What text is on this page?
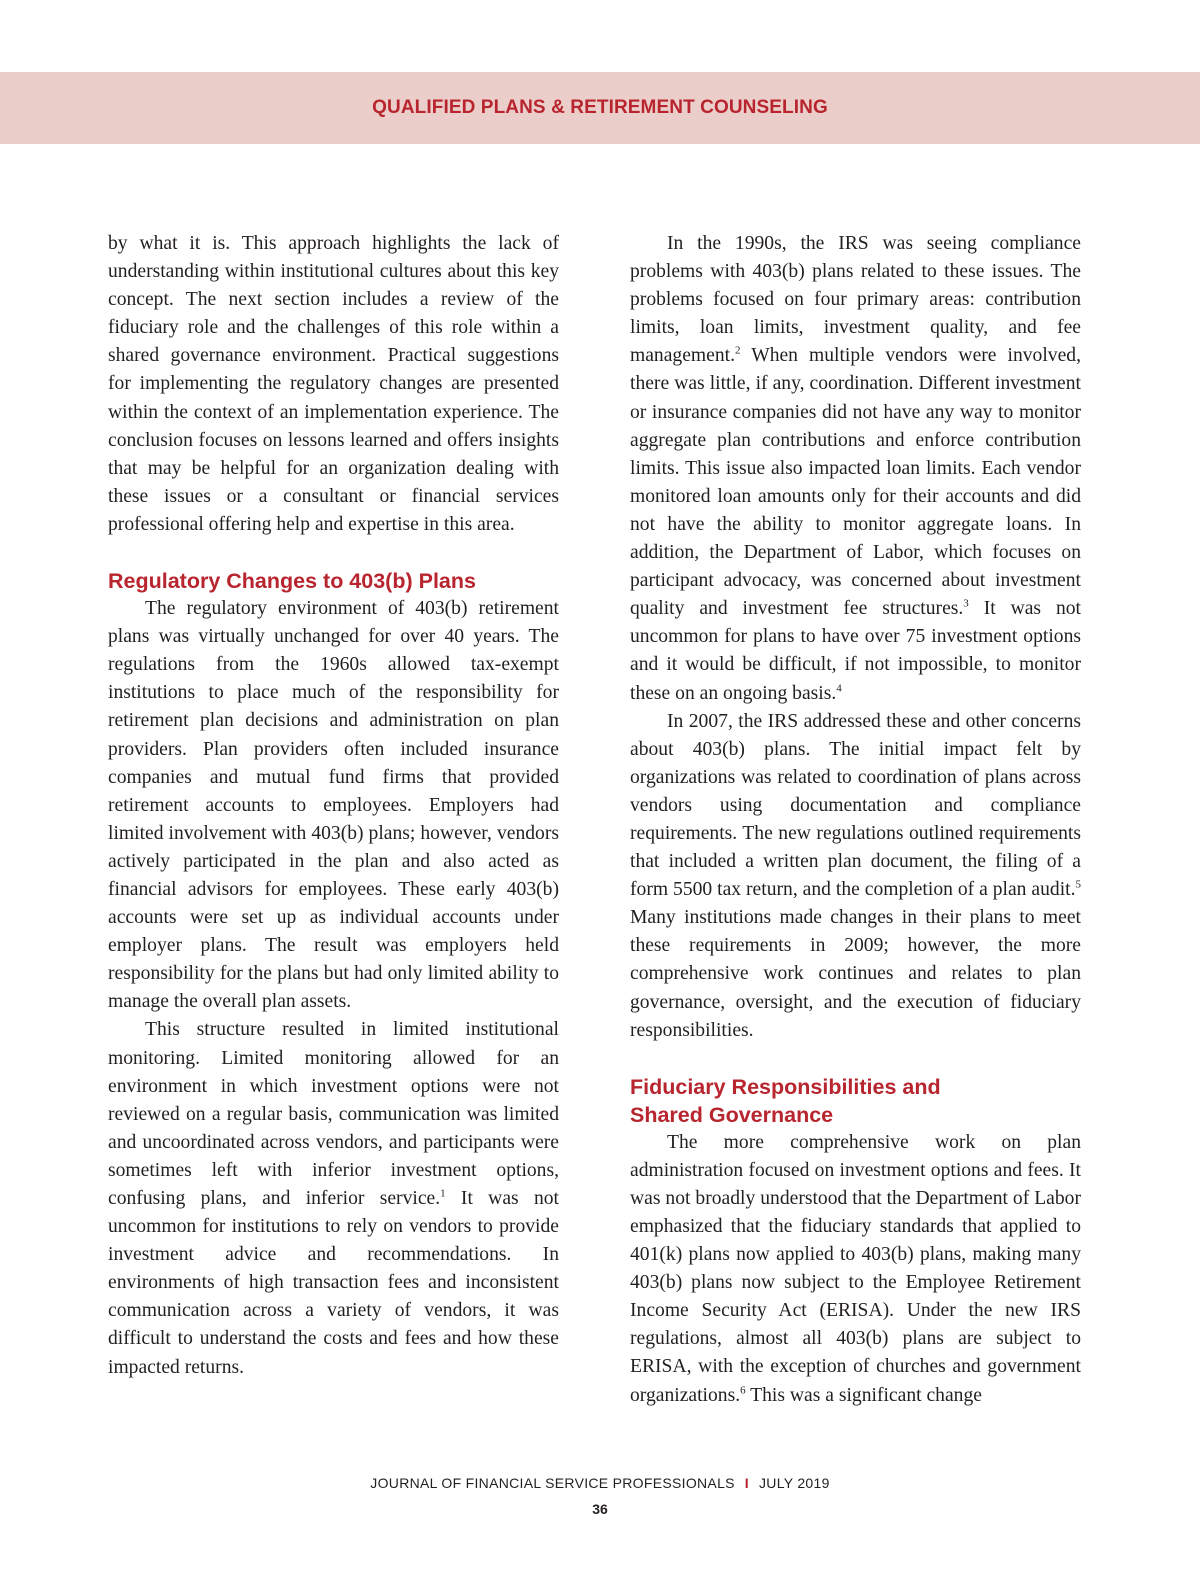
QUALIFIED PLANS & RETIREMENT COUNSELING

by what it is. This approach highlights the lack of understanding within institutional cultures about this key concept. The next section includes a review of the fiduciary role and the challenges of this role within a shared governance environment. Practical suggestions for implementing the regulatory changes are presented within the context of an implementation experience. The conclusion focuses on lessons learned and offers insights that may be helpful for an organization dealing with these issues or a consultant or financial services professional offering help and expertise in this area.

Regulatory Changes to 403(b) Plans

The regulatory environment of 403(b) retirement plans was virtually unchanged for over 40 years. The regulations from the 1960s allowed tax-exempt institutions to place much of the responsibility for retirement plan decisions and administration on plan providers. Plan providers often included insurance companies and mutual fund firms that provided retirement accounts to employees. Employers had limited involvement with 403(b) plans; however, vendors actively participated in the plan and also acted as financial advisors for employees. These early 403(b) accounts were set up as individual accounts under employer plans. The result was employers held responsibility for the plans but had only limited ability to manage the overall plan assets.

This structure resulted in limited institutional monitoring. Limited monitoring allowed for an environment in which investment options were not reviewed on a regular basis, communication was limited and uncoordinated across vendors, and participants were sometimes left with inferior investment options, confusing plans, and inferior service.$^1$ It was not uncommon for institutions to rely on vendors to provide investment advice and recommendations. In environments of high transaction fees and inconsistent communication across a variety of vendors, it was difficult to understand the costs and fees and how these impacted returns.

In the 1990s, the IRS was seeing compliance problems with 403(b) plans related to these issues. The problems focused on four primary areas: contribution limits, loan limits, investment quality, and fee management.$^2$ When multiple vendors were involved, there was little, if any, coordination. Different investment or insurance companies did not have any way to monitor aggregate plan contributions and enforce contribution limits. This issue also impacted loan limits. Each vendor monitored loan amounts only for their accounts and did not have the ability to monitor aggregate loans. In addition, the Department of Labor, which focuses on participant advocacy, was concerned about investment quality and investment fee structures.$^3$ It was not uncommon for plans to have over 75 investment options and it would be difficult, if not impossible, to monitor these on an ongoing basis.$^4$

In 2007, the IRS addressed these and other concerns about 403(b) plans. The initial impact felt by organizations was related to coordination of plans across vendors using documentation and compliance requirements. The new regulations outlined requirements that included a written plan document, the filing of a form 5500 tax return, and the completion of a plan audit.$^5$ Many institutions made changes in their plans to meet these requirements in 2009; however, the more comprehensive work continues and relates to plan governance, oversight, and the execution of fiduciary responsibilities.

Fiduciary Responsibilities and
Shared Governance

The more comprehensive work on plan administration focused on investment options and fees. It was not broadly understood that the Department of Labor emphasized that the fiduciary standards that applied to 401(k) plans now applied to 403(b) plans, making many 403(b) plans now subject to the Employee Retirement Income Security Act (ERISA). Under the new IRS regulations, almost all 403(b) plans are subject to ERISA, with the exception of churches and government organizations.$^6$ This was a significant change

JOURNAL OF FINANCIAL SERVICE PROFESSIONALS I JULY 2019
36
